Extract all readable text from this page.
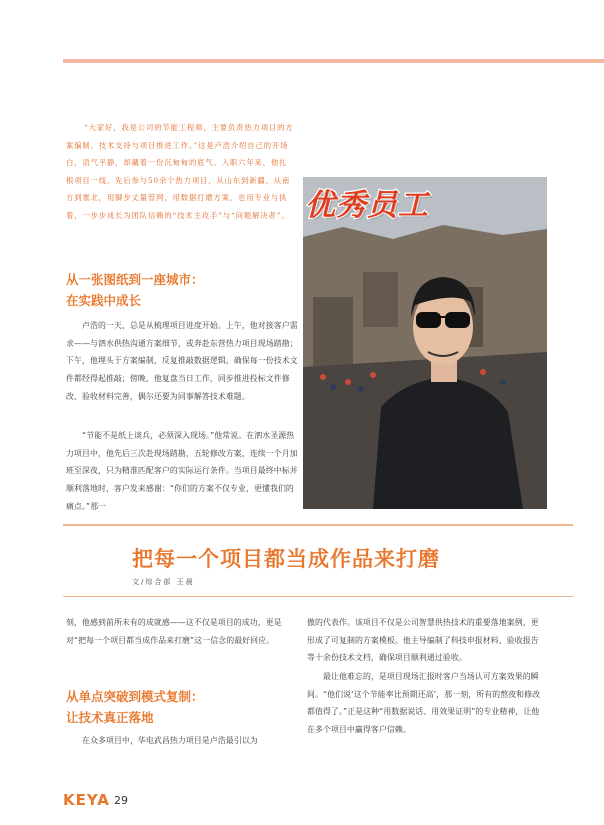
“大家好，我是公司的节能工程师，主要负责热力项目的方案编制、技术支持与项目推进工作。”这是卢浩介绍自己的开场白，语气平静，却藏着一份沉甸甸的底气。入职六年来，他扎根项目一线，先后参与50余个热力项目，从山东到新疆，从南方到塞北，用脚步丈量管网，用数据打磨方案，也用专业与执着，一步步成长为团队信赖的“技术主攻手”与“问题解决者”。

从一张图纸到一座城市：
在实践中成长

卢浩的一天，总是从梳理项目进度开始。上午，他对接客户需求——与泗水供热沟通方案细节，或奔赴东营热力项目现场踏勘；下午，他埋头于方案编制，反复推敲数据逻辑，确保每一份技术文件都经得起推敲；傍晚，他复盘当日工作，同步推进投标文件修改、验收材料完善，偶尔还要为同事解答技术难题。

“节能不是纸上谈兵，必须深入现场。”他常说。在泗水圣源热力项目中，他先后三次赴现场踏勘，五轮修改方案，连续一个月加班至深夜，只为精准匹配客户的实际运行条件。当项目最终中标并顺利落地时，客户发来感谢：“你们的方案不仅专业，更懂我们的痛点。”那一

优秀员工
把每一个项目都当成作品来打磨
文/综合部 王晨

刻，他感到前所未有的成就感——这不仅是项目的成功，更是对“把每一个项目都当成作品来打磨”这一信念的最好回应。

从单点突破到模式复制：
让技术真正落地

在众多项目中，华电武昌热力项目是卢浩最引以为

傲的代表作。该项目不仅是公司智慧供热技术的重要落地案例，更形成了可复制的方案模板。他主导编制了科技申报材料、验收报告等十余份技术文档，确保项目顺利通过验收。

最让他难忘的，是项目现场汇报时客户当场认可方案效果的瞬间。“他们说‘这个节能率比预期还高’，那一刻，所有的熬夜和修改都值得了。”正是这种“用数据说话、用效果证明”的专业精神，让他在多个项目中赢得客户信赖。

KEYA 29
